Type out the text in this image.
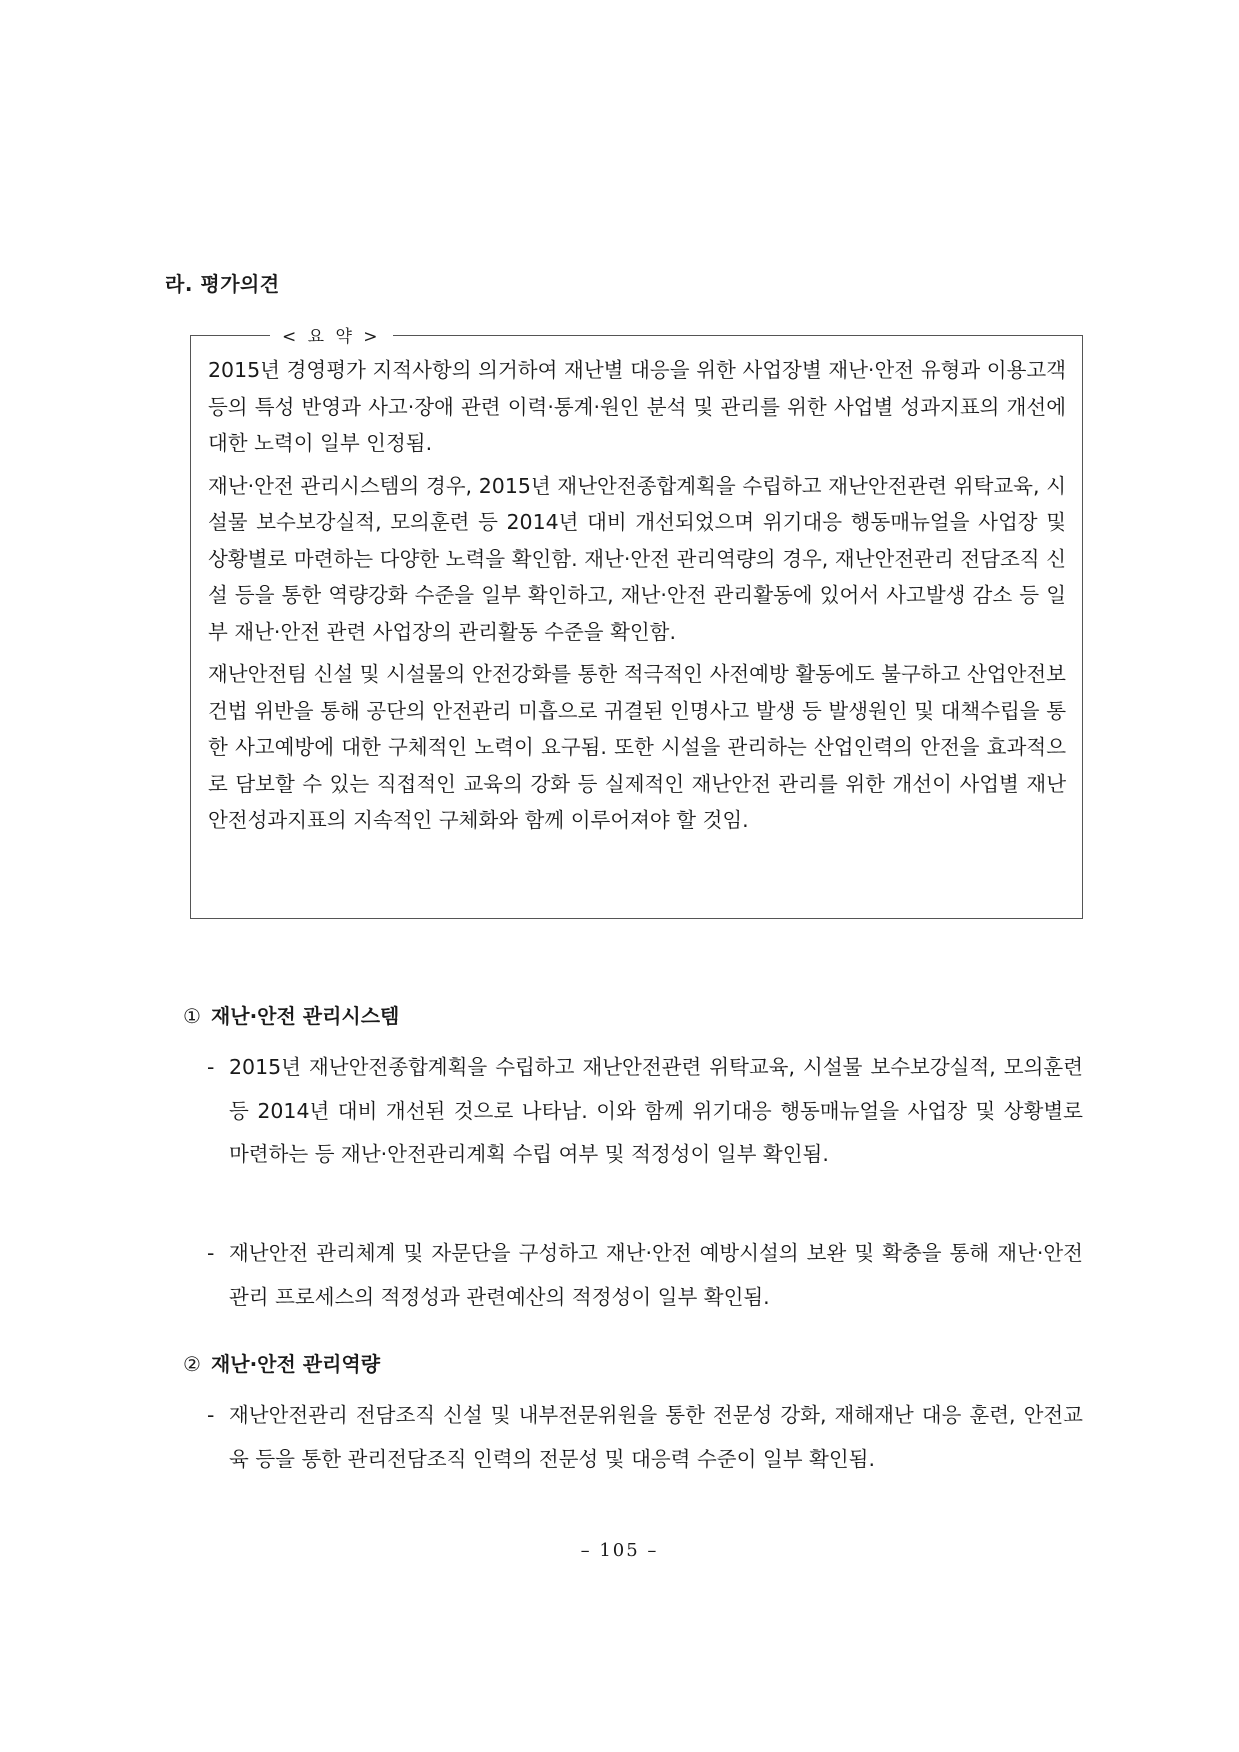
라. 평가의견
< 요 약 >

2015년 경영평가 지적사항의 의거하여 재난별 대응을 위한 사업장별 재난·안전 유형과 이용고객 등의 특성 반영과 사고·장애 관련 이력·통계·원인 분석 및 관리를 위한 사업별 성과지표의 개선에 대한 노력이 일부 인정됨.

재난·안전 관리시스템의 경우, 2015년 재난안전종합계획을 수립하고 재난안전관련 위탁교육, 시설물 보수보강실적, 모의훈련 등 2014년 대비 개선되었으며 위기대응 행동매뉴얼을 사업장 및 상황별로 마련하는 다양한 노력을 확인함. 재난·안전 관리역량의 경우, 재난안전관리 전담조직 신설 등을 통한 역량강화 수준을 일부 확인하고, 재난·안전 관리활동에 있어서 사고발생 감소 등 일부 재난·안전 관련 사업장의 관리활동 수준을 확인함.

재난안전팀 신설 및 시설물의 안전강화를 통한 적극적인 사전예방 활동에도 불구하고 산업안전보건법 위반을 통해 공단의 안전관리 미흡으로 귀결된 인명사고 발생 등 발생원인 및 대책수립을 통한 사고예방에 대한 구체적인 노력이 요구됨. 또한 시설을 관리하는 산업인력의 안전을 효과적으로 담보할 수 있는 직접적인 교육의 강화 등 실제적인 재난안전 관리를 위한 개선이 사업별 재난안전성과지표의 지속적인 구체화와 함께 이루어져야 할 것임.

① 재난·안전 관리시스템
- 2015년 재난안전종합계획을 수립하고 재난안전관련 위탁교육, 시설물 보수보강실적, 모의훈련 등 2014년 대비 개선된 것으로 나타남. 이와 함께 위기대응 행동매뉴얼을 사업장 및 상황별로 마련하는 등 재난·안전관리계획 수립 여부 및 적정성이 일부 확인됨.
- 재난안전 관리체계 및 자문단을 구성하고 재난·안전 예방시설의 보완 및 확충을 통해 재난·안전관리 프로세스의 적정성과 관련예산의 적정성이 일부 확인됨.
② 재난·안전 관리역량
- 재난안전관리 전담조직 신설 및 내부전문위원을 통한 전문성 강화, 재해재난 대응 훈련, 안전교육 등을 통한 관리전담조직 인력의 전문성 및 대응력 수준이 일부 확인됨.
– 105 –
